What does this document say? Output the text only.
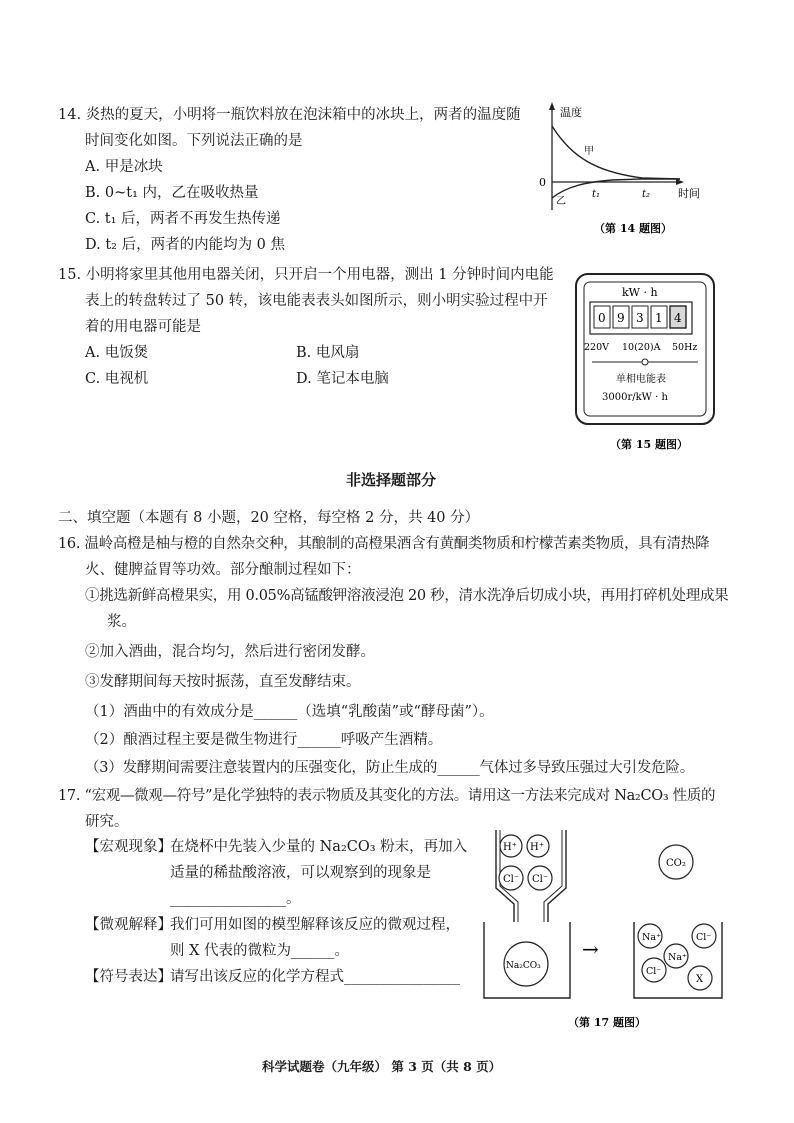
14. 炎热的夏天，小明将一瓶饮料放在泡沫箱中的冰块上，两者的温度随
时间变化如图。下列说法正确的是
A. 甲是冰块
B. 0~t₁ 内，乙在吸收热量
C. t₁ 后，两者不再发生热传递
D. t₂ 后，两者的内能均为 0 焦
温度
0
甲
乙
t₁	t₂	时间
（第 14 题图）
15. 小明将家里其他用电器关闭，只开启一个用电器，测出 1 分钟时间内电能
表上的转盘转过了 50 转，该电能表表头如图所示，则小明实验过程中开
着的用电器可能是
A. 电饭煲	B. 电风扇
C. 电视机	D. 笔记本电脑
kW · h
0 9 3 1 4
220V 10(20)A 50Hz
单相电能表
3000r/kW · h
（第 15 题图）
非选择题部分
二、填空题（本题有 8 小题，20 空格，每空格 2 分，共 40 分）
16. 温岭高橙是柚与橙的自然杂交种，其酿制的高橙果酒含有黄酮类物质和柠檬苦素类物质，具有清热降
火、健脾益胃等功效。部分酿制过程如下：
①挑选新鲜高橙果实，用 0.05%高锰酸钾溶液浸泡 20 秒，清水洗净后切成小块，再用打碎机处理成果
浆。
②加入酒曲，混合均匀，然后进行密闭发酵。
③发酵期间每天按时振荡，直至发酵结束。
（1）酒曲中的有效成分是______（选填“乳酸菌”或“酵母菌”）。
（2）酿酒过程主要是微生物进行______呼吸产生酒精。
（3）发酵期间需要注意装置内的压强变化，防止生成的______气体过多导致压强过大引发危险。
17. “宏观—微观—符号”是化学独特的表示物质及其变化的方法。请用这一方法来完成对 Na₂CO₃ 性质的
研究。
【宏观现象】
在烧杯中先装入少量的 Na₂CO₃ 粉末，再加入
适量的稀盐酸溶液，可以观察到的现象是
________________。
【微观解释】
我们可用如图的模型解释该反应的微观过程，
则 X 代表的微粒为______。
【符号表达】
请写出该反应的化学方程式________________
H⁺ H⁺
Cl⁻ Cl⁻
Na₂CO₃
→
CO₂
Na⁺
Na⁺
Cl⁻
Cl⁻
X
（第 17 题图）
科学试题卷（九年级） 第 3 页（共 8 页）
